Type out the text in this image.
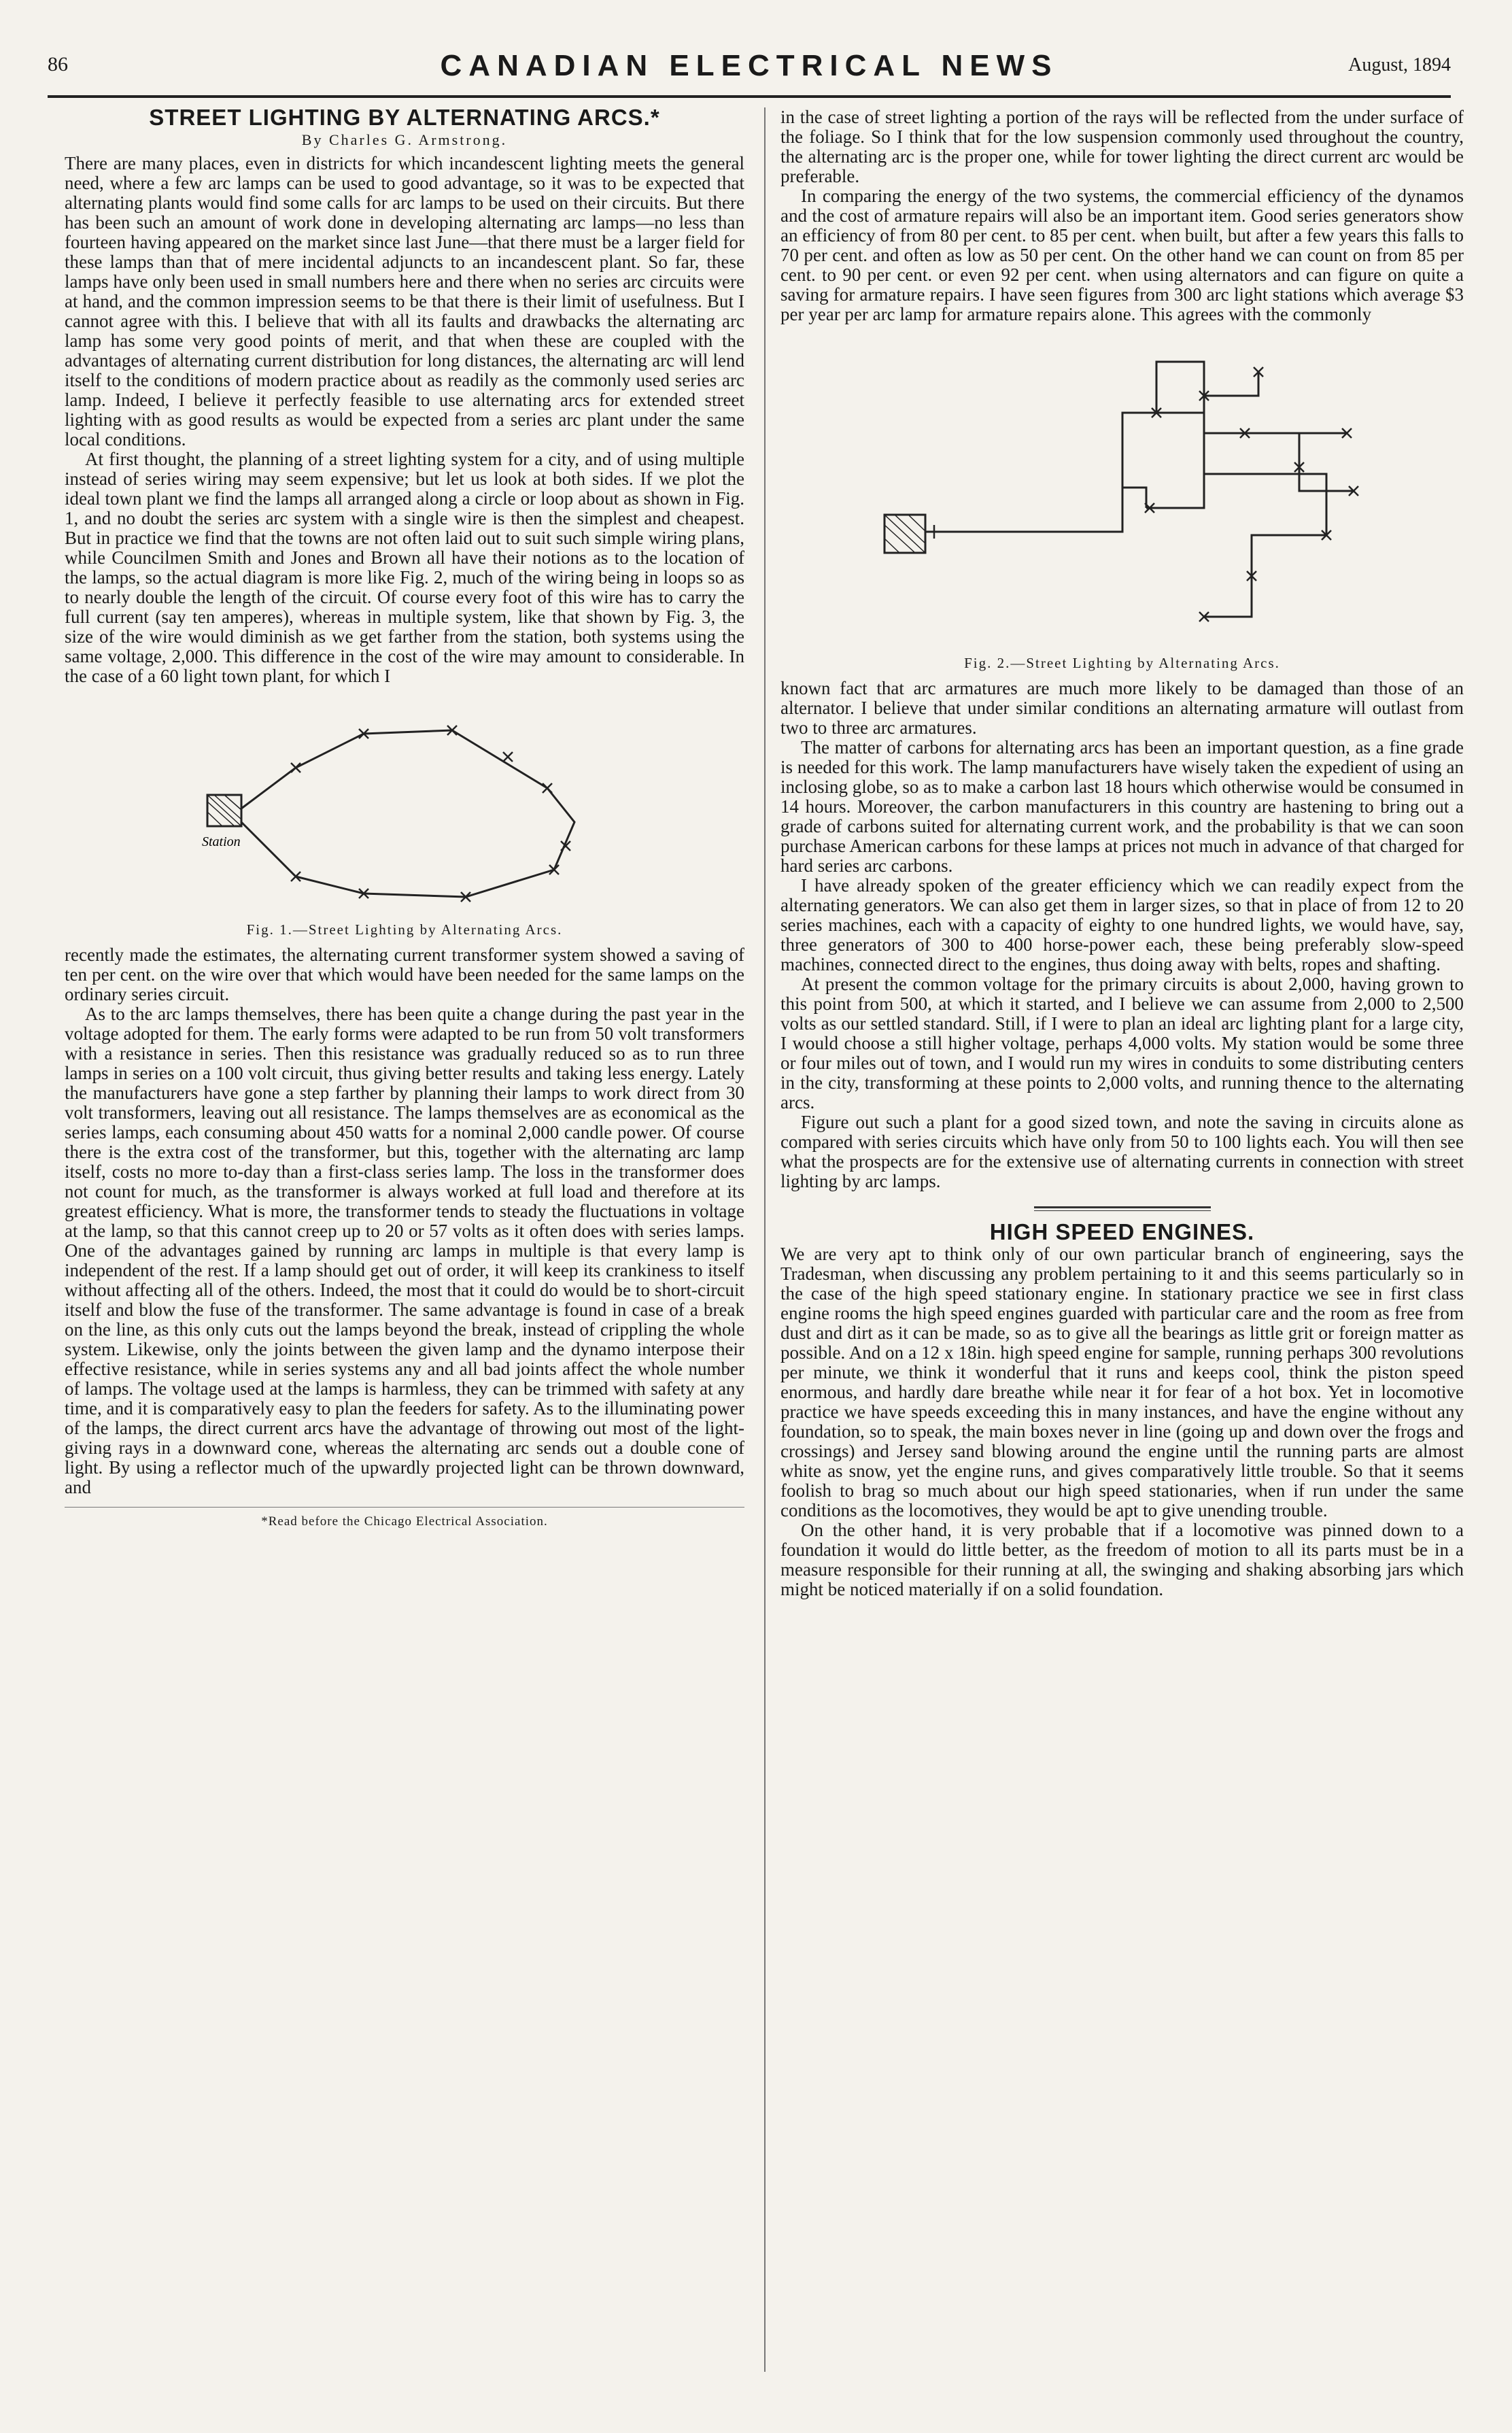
86	CANADIAN ELECTRICAL NEWS	August, 1894
STREET LIGHTING BY ALTERNATING ARCS.*
By Charles G. Armstrong.

There are many places, even in districts for which incandescent lighting meets the general need, where a few arc lamps can be used to good advantage, so it was to be expected that alternating plants would find some calls for arc lamps to be used on their circuits. But there has been such an amount of work done in developing alternating arc lamps—no less than fourteen having appeared on the market since last June—that there must be a larger field for these lamps than that of mere incidental adjuncts to an incandescent plant. So far, these lamps have only been used in small numbers here and there when no series arc circuits were at hand, and the common impression seems to be that there is their limit of usefulness. But I cannot agree with this. I believe that with all its faults and drawbacks the alternating arc lamp has some very good points of merit, and that when these are coupled with the advantages of alternating current distribution for long distances, the alternating arc will lend itself to the conditions of modern practice about as readily as the commonly used series arc lamp. Indeed, I believe it perfectly feasible to use alternating arcs for extended street lighting with as good results as would be expected from a series arc plant under the same local conditions.

At first thought, the planning of a street lighting system for a city, and of using multiple instead of series wiring may seem expensive; but let us look at both sides. If we plot the ideal town plant we find the lamps all arranged along a circle or loop about as shown in Fig. 1, and no doubt the series arc system with a single wire is then the simplest and cheapest. But in practice we find that the towns are not often laid out to suit such simple wiring plans, while Councilmen Smith and Jones and Brown all have their notions as to the location of the lamps, so the actual diagram is more like Fig. 2, much of the wiring being in loops so as to nearly double the length of the circuit. Of course every foot of this wire has to carry the full current (say ten amperes), whereas in multiple system, like that shown by Fig. 3, the size of the wire would diminish as we get farther from the station, both systems using the same voltage, 2,000. This difference in the cost of the wire may amount to considerable. In the case of a 60 light town plant, for which I

Station
Fig. 1.—Street Lighting by Alternating Arcs.

recently made the estimates, the alternating current transformer system showed a saving of ten per cent. on the wire over that which would have been needed for the same lamps on the ordinary series circuit.

As to the arc lamps themselves, there has been quite a change during the past year in the voltage adopted for them. The early forms were adapted to be run from 50 volt transformers with a resistance in series. Then this resistance was gradually reduced so as to run three lamps in series on a 100 volt circuit, thus giving better results and taking less energy. Lately the manufacturers have gone a step farther by planning their lamps to work direct from 30 volt transformers, leaving out all resistance. The lamps themselves are as economical as the series lamps, each consuming about 450 watts for a nominal 2,000 candle power. Of course there is the extra cost of the transformer, but this, together with the alternating arc lamp itself, costs no more to-day than a first-class series lamp. The loss in the transformer does not count for much, as the transformer is always worked at full load and therefore at its greatest efficiency. What is more, the transformer tends to steady the fluctuations in voltage at the lamp, so that this cannot creep up to 20 or 57 volts as it often does with series lamps. One of the advantages gained by running arc lamps in multiple is that every lamp is independent of the rest. If a lamp should get out of order, it will keep its crankiness to itself without affecting all of the others. Indeed, the most that it could do would be to short-circuit itself and blow the fuse of the transformer. The same advantage is found in case of a break on the line, as this only cuts out the lamps beyond the break, instead of crippling the whole system. Likewise, only the joints between the given lamp and the dynamo interpose their effective resistance, while in series systems any and all bad joints affect the whole number of lamps. The voltage used at the lamps is harmless, they can be trimmed with safety at any time, and it is comparatively easy to plan the feeders for safety. As to the illuminating power of the lamps, the direct current arcs have the advantage of throwing out most of the light-giving rays in a downward cone, whereas the alternating arc sends out a double cone of light. By using a reflector much of the upwardly projected light can be thrown downward, and

*Read before the Chicago Electrical Association.

in the case of street lighting a portion of the rays will be reflected from the under surface of the foliage. So I think that for the low suspension commonly used throughout the country, the alternating arc is the proper one, while for tower lighting the direct current arc would be preferable.

In comparing the energy of the two systems, the commercial efficiency of the dynamos and the cost of armature repairs will also be an important item. Good series generators show an efficiency of from 80 per cent. to 85 per cent. when built, but after a few years this falls to 70 per cent. and often as low as 50 per cent. On the other hand we can count on from 85 per cent. to 90 per cent. or even 92 per cent. when using alternators and can figure on quite a saving for armature repairs. I have seen figures from 300 arc light stations which average $3 per year per arc lamp for armature repairs alone. This agrees with the commonly

Fig. 2.—Street Lighting by Alternating Arcs.

known fact that arc armatures are much more likely to be damaged than those of an alternator. I believe that under similar conditions an alternating armature will outlast from two to three arc armatures.

The matter of carbons for alternating arcs has been an important question, as a fine grade is needed for this work. The lamp manufacturers have wisely taken the expedient of using an inclosing globe, so as to make a carbon last 18 hours which otherwise would be consumed in 14 hours. Moreover, the carbon manufacturers in this country are hastening to bring out a grade of carbons suited for alternating current work, and the probability is that we can soon purchase American carbons for these lamps at prices not much in advance of that charged for hard series arc carbons.

I have already spoken of the greater efficiency which we can readily expect from the alternating generators. We can also get them in larger sizes, so that in place of from 12 to 20 series machines, each with a capacity of eighty to one hundred lights, we would have, say, three generators of 300 to 400 horse-power each, these being preferably slow-speed machines, connected direct to the engines, thus doing away with belts, ropes and shafting.

At present the common voltage for the primary circuits is about 2,000, having grown to this point from 500, at which it started, and I believe we can assume from 2,000 to 2,500 volts as our settled standard. Still, if I were to plan an ideal arc lighting plant for a large city, I would choose a still higher voltage, perhaps 4,000 volts. My station would be some three or four miles out of town, and I would run my wires in conduits to some distributing centers in the city, transforming at these points to 2,000 volts, and running thence to the alternating arcs.

Figure out such a plant for a good sized town, and note the saving in circuits alone as compared with series circuits which have only from 50 to 100 lights each. You will then see what the prospects are for the extensive use of alternating currents in connection with street lighting by arc lamps.

HIGH SPEED ENGINES.

We are very apt to think only of our own particular branch of engineering, says the Tradesman, when discussing any problem pertaining to it and this seems particularly so in the case of the high speed stationary engine. In stationary practice we see in first class engine rooms the high speed engines guarded with particular care and the room as free from dust and dirt as it can be made, so as to give all the bearings as little grit or foreign matter as possible. And on a 12 x 18in. high speed engine for sample, running perhaps 300 revolutions per minute, we think it wonderful that it runs and keeps cool, think the piston speed enormous, and hardly dare breathe while near it for fear of a hot box. Yet in locomotive practice we have speeds exceeding this in many instances, and have the engine without any foundation, so to speak, the main boxes never in line (going up and down over the frogs and crossings) and Jersey sand blowing around the engine until the running parts are almost white as snow, yet the engine runs, and gives comparatively little trouble. So that it seems foolish to brag so much about our high speed stationaries, when if run under the same conditions as the locomotives, they would be apt to give unending trouble.

On the other hand, it is very probable that if a locomotive was pinned down to a foundation it would do little better, as the freedom of motion to all its parts must be in a measure responsible for their running at all, the swinging and shaking absorbing jars which might be noticed materially if on a solid foundation.
